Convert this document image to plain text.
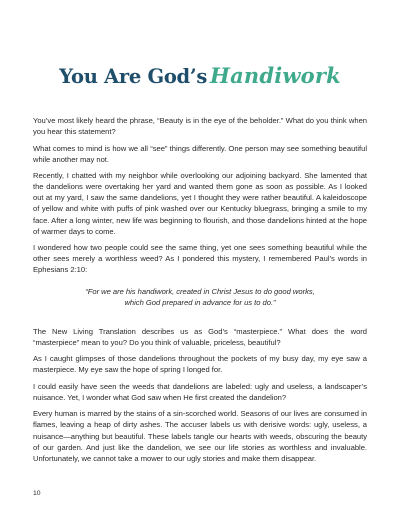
You Are God’s Handiwork

You’ve most likely heard the phrase, “Beauty is in the eye of the beholder.” What do you think when you hear this statement?

What comes to mind is how we all “see” things differently. One person may see something beautiful while another may not.

Recently, I chatted with my neighbor while overlooking our adjoining backyard. She lamented that the dandelions were overtaking her yard and wanted them gone as soon as possible. As I looked out at my yard, I saw the same dandelions, yet I thought they were rather beautiful. A kaleidoscope of yellow and white with puffs of pink washed over our Kentucky bluegrass, bringing a smile to my face. After a long winter, new life was beginning to flourish, and those dandelions hinted at the hope of warmer days to come.

I wondered how two people could see the same thing, yet one sees something beautiful while the other sees merely a worthless weed? As I pondered this mystery, I remembered Paul’s words in Ephesians 2:10:

“For we are his handiwork, created in Christ Jesus to do good works,
which God prepared in advance for us to do.”

The New Living Translation describes us as God’s “masterpiece.” What does the word “masterpiece” mean to you? Do you think of valuable, priceless, beautiful?

As I caught glimpses of those dandelions throughout the pockets of my busy day, my eye saw a masterpiece. My eye saw the hope of spring I longed for.

I could easily have seen the weeds that dandelions are labeled: ugly and useless, a landscaper’s nuisance. Yet, I wonder what God saw when He first created the dandelion?

Every human is marred by the stains of a sin-scorched world. Seasons of our lives are consumed in flames, leaving a heap of dirty ashes. The accuser labels us with derisive words: ugly, useless, a nuisance—anything but beautiful. These labels tangle our hearts with weeds, obscuring the beauty of our garden. And just like the dandelion, we see our life stories as worthless and invaluable. Unfortunately, we cannot take a mower to our ugly stories and make them disappear.

10
